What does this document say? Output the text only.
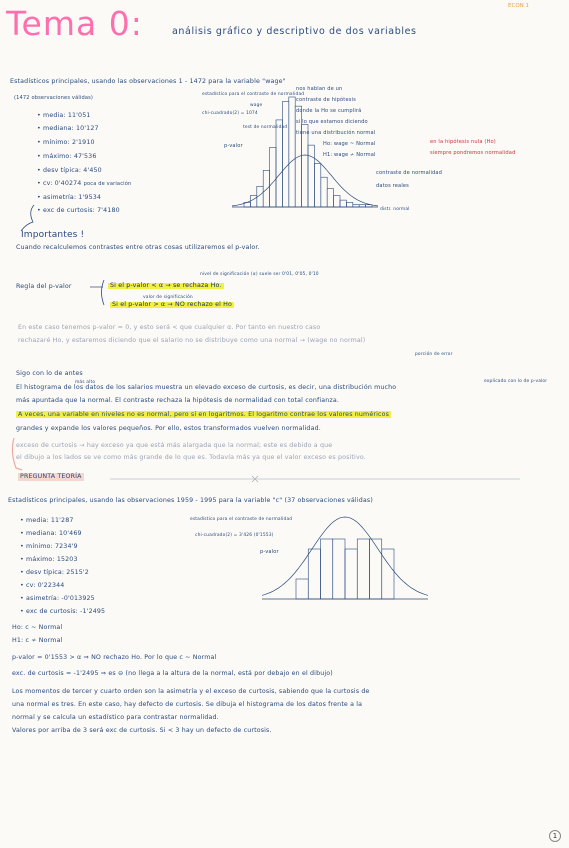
Tema 0:	análisis gráfico y descriptivo de dos variables
ECON 1
Estadísticos principales, usando las observaciones 1 - 1472 para la variable "wage"
(1472 observaciones válidas)
• media: 11'051
• mediana: 10'127
• mínimo: 2'1910
• máximo: 47'536
• desv típica: 4'450
• cv: 0'40274 poca de variación
• asimetría: 1'9534
• exc de curtosis: 7'4180
Importantes !
estadístico para el contraste de normalidad
chi-cuadrado(2) = 1074
p-valor
test de normalidad
wage
contraste de normalidad
datos reales
distr. normal
nos hablan de un
contraste de hipótesis
donde la Ho se cumplirá
si lo que estamos diciendo
tiene una distribución normal
Ho: wage ~ Normal
H1: wage ≁ Normal
en la hipótesis nula (Ho)
siempre pondremos normalidad
Cuando recalculemos contrastes entre otras cosas utilizaremos el p-valor.
Regla del p-valor	Si el p-valor < α → se rechaza Ho.
valor de significación
nivel de significación (α) suele ser 0'01, 0'05, 0'10
Si el p-valor > α → NO rechazo el Ho
En este caso tenemos p-valor = 0, y esto será < que cualquier α. Por tanto en nuestro caso
rechazaré Ho, y estaremos diciendo que el salario no se distribuye como una normal → (wage no normal)
Sigo con lo de antes
porción de error
El histograma de los datos de los salarios muestra un elevado exceso de curtosis, es decir, una distribución mucho
más alto
más apuntada que la normal. El contraste rechaza la hipótesis de normalidad con total confianza.
explicado con lo de p-valor
A veces, una variable en niveles no es normal, pero sí en logaritmos. El logaritmo contrae los valores numéricos
grandes y expande los valores pequeños. Por ello, estos transformados vuelven normalidad.
exceso de curtosis → hay exceso ya que está más alargada que la normal; este es debido a que
el dibujo a los lados se ve como más grande de lo que es. Todavía más ya que el valor exceso es positivo.
PREGUNTA TEORÍA
Estadísticos principales, usando las observaciones 1959 - 1995 para la variable "c" (37 observaciones válidas)
• media: 11'287
• mediana: 10'469
• mínimo: 7234'9
• máximo: 15203
• desv típica: 2515'2
• cv: 0'22344
• asimetría: -0'013925
• exc de curtosis: -1'2495
estadístico para el contraste de normalidad
chi-cuadrado(2) = 3'426 (0'1553)
p-valor
Ho: c ~ Normal
H1: c ≁ Normal
p-valor = 0'1553 > α ⇒ NO rechazo Ho. Por lo que c ~ Normal
exc. de curtosis = -1'2495 ⇒ es ⊖ (no llega a la altura de la normal, está por debajo en el dibujo)
Los momentos de tercer y cuarto orden son la asimetría y el exceso de curtosis, sabiendo que la curtosis de
una normal es tres. En este caso, hay defecto de curtosis. Se dibuja el histograma de los datos frente a la
normal y se calcula un estadístico para contrastar normalidad.
Valores por arriba de 3 será exc de curtosis. Si < 3 hay un defecto de curtosis.
1
